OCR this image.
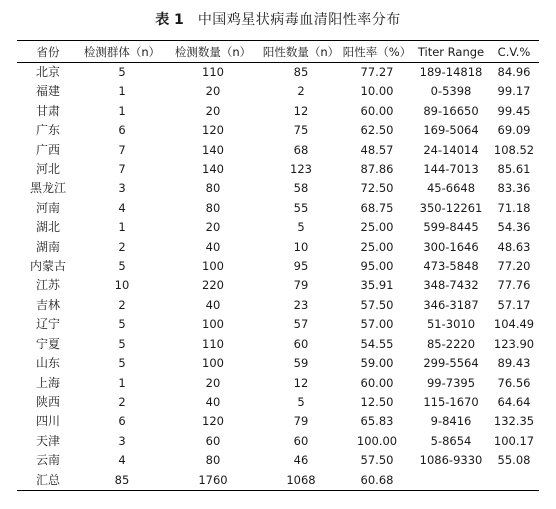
表 1 中国鸡星状病毒血清阳性率分布
省份	检测群体（n）	检测数量（n）	阳性数量（n）	阳性率（%）	Titer Range	C.V.%
北京	5	110	85	77.27	189-14818	84.96
福建	1	20	2	10.00	0-5398	99.17
甘肃	1	20	12	60.00	89-16650	99.45
广东	6	120	75	62.50	169-5064	69.09
广西	7	140	68	48.57	24-14014	108.52
河北	7	140	123	87.86	144-7013	85.61
黑龙江	3	80	58	72.50	45-6648	83.36
河南	4	80	55	68.75	350-12261	71.18
湖北	1	20	5	25.00	599-8445	54.36
湖南	2	40	10	25.00	300-1646	48.63
内蒙古	5	100	95	95.00	473-5848	77.20
江苏	10	220	79	35.91	348-7432	77.76
吉林	2	40	23	57.50	346-3187	57.17
辽宁	5	100	57	57.00	51-3010	104.49
宁夏	5	110	60	54.55	85-2220	123.90
山东	5	100	59	59.00	299-5564	89.43
上海	1	20	12	60.00	99-7395	76.56
陕西	2	40	5	12.50	115-1670	64.64
四川	6	120	79	65.83	9-8416	132.35
天津	3	60	60	100.00	5-8654	100.17
云南	4	80	46	57.50	1086-9330	55.08
汇总	85	1760	1068	60.68		
